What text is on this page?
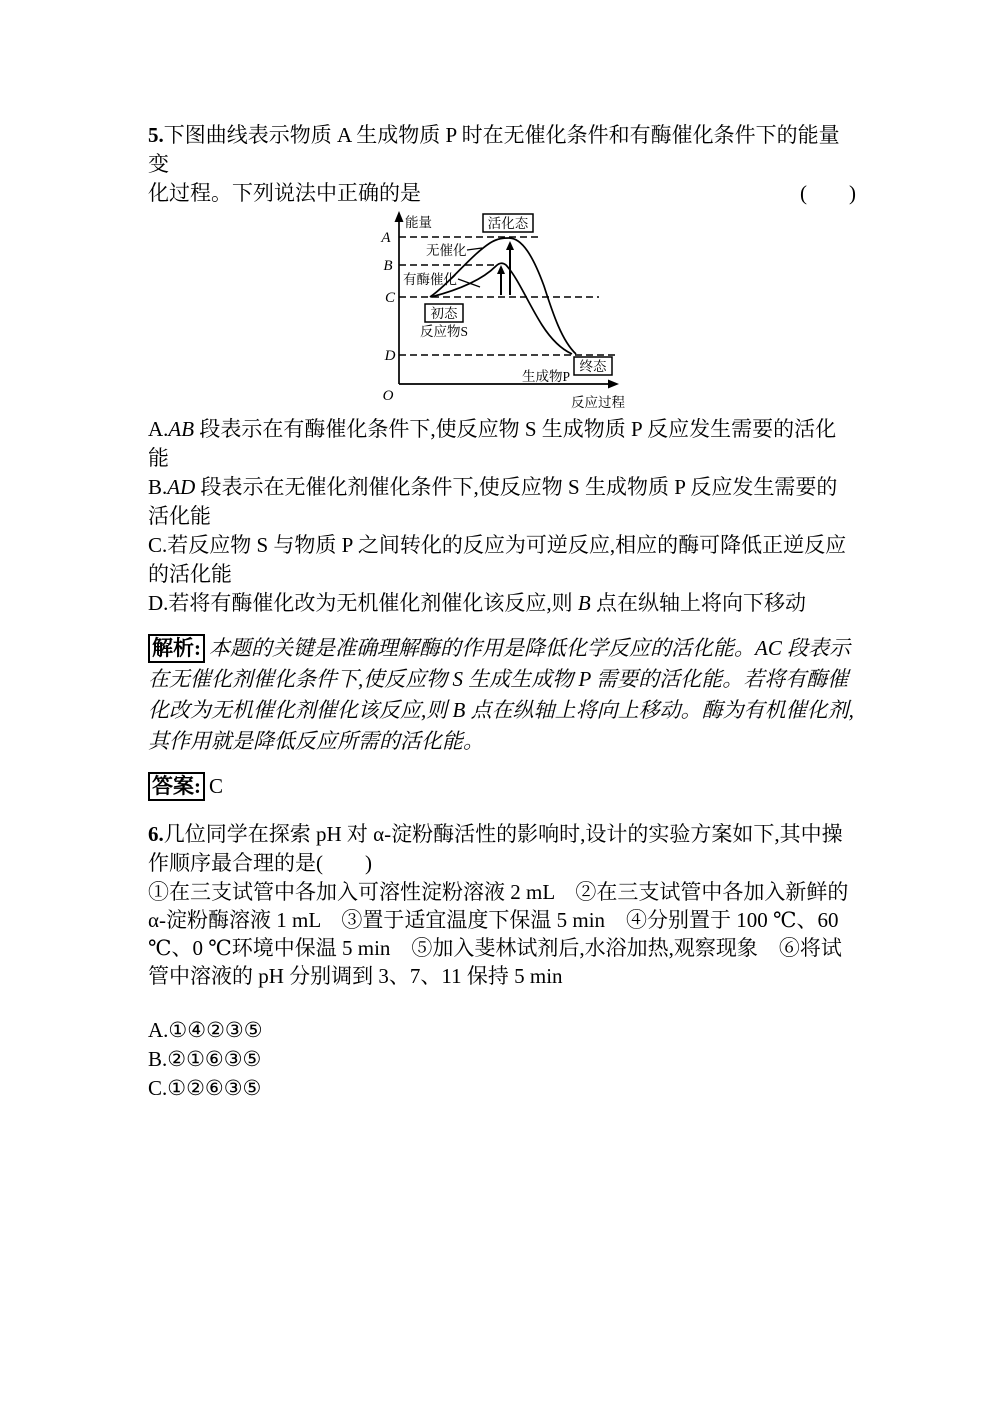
5.下图曲线表示物质 A 生成物质 P 时在无催化条件和有酶催化条件下的能量变

化过程。下列说法中正确的是	(　　)

O
能量
反应过程
A
B
C
D
无催化
有酶催化
活化态
初态
反应物S
终态
生成物P

A.AB 段表示在有酶催化条件下,使反应物 S 生成物质 P 反应发生需要的活化能

B.AD 段表示在无催化剂催化条件下,使反应物 S 生成物质 P 反应发生需要的活化能

C.若反应物 S 与物质 P 之间转化的反应为可逆反应,相应的酶可降低正逆反应的活化能

D.若将有酶催化改为无机催化剂催化该反应,则 B 点在纵轴上将向下移动

解析: 本题的关键是准确理解酶的作用是降低化学反应的活化能。AC 段表示在无催化剂催化条件下,使反应物 S 生成生成物 P 需要的活化能。若将有酶催化改为无机催化剂催化该反应,则 B 点在纵轴上将向上移动。酶为有机催化剂,其作用就是降低反应所需的活化能。

答案: C

6.几位同学在探索 pH 对 α-淀粉酶活性的影响时,设计的实验方案如下,其中操作顺序最合理的是(　　)

①在三支试管中各加入可溶性淀粉溶液 2 mL　②在三支试管中各加入新鲜的 α-淀粉酶溶液 1 mL　③置于适宜温度下保温 5 min　④分别置于 100 ℃、60 ℃、0 ℃环境中保温 5 min　⑤加入斐林试剂后,水浴加热,观察现象　⑥将试管中溶液的 pH 分别调到 3、7、11 保持 5 min

A.①④②③⑤

B.②①⑥③⑤

C.①②⑥③⑤
